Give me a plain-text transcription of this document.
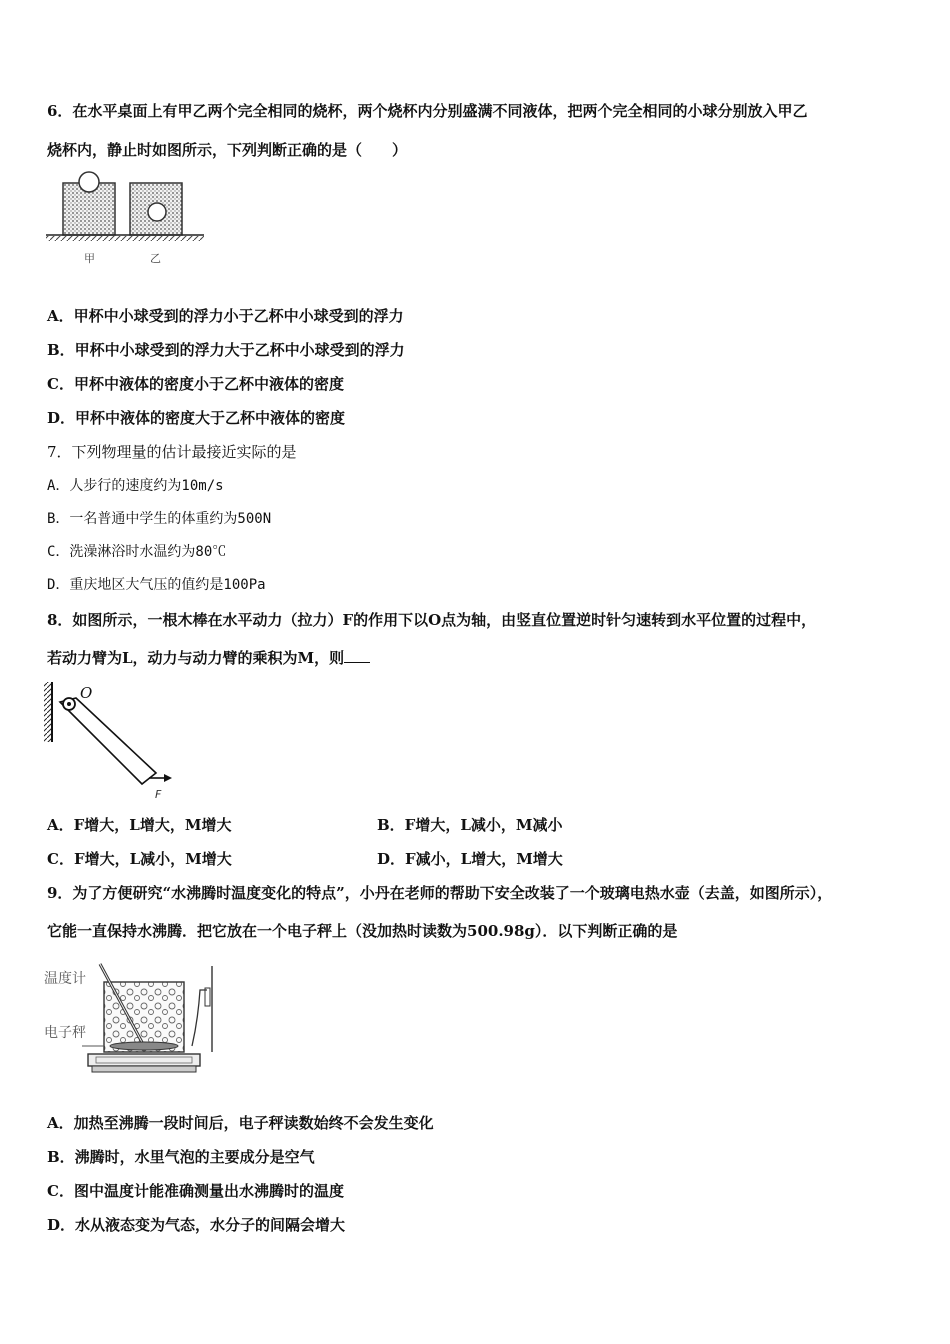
6．在水平桌面上有甲乙两个完全相同的烧杯，两个烧杯内分别盛满不同液体，把两个完全相同的小球分别放入甲乙
烧杯内，静止时如图所示，下列判断正确的是（　　）
甲	乙
A．甲杯中小球受到的浮力小于乙杯中小球受到的浮力
B．甲杯中小球受到的浮力大于乙杯中小球受到的浮力
C．甲杯中液体的密度小于乙杯中液体的密度
D．甲杯中液体的密度大于乙杯中液体的密度
7．下列物理量的估计最接近实际的是
A．人步行的速度约为10m/s
B．一名普通中学生的体重约为500N
C．洗澡淋浴时水温约为80℃
D．重庆地区大气压的值约是100Pa
8．如图所示，一根木棒在水平动力（拉力）F的作用下以O点为轴，由竖直位置逆时针匀速转到水平位置的过程中，
若动力臂为L，动力与动力臂的乘积为M，则
O
F
A．F增大，L增大，M增大	B．F增大，L减小，M减小
C．F增大，L减小，M增大	D．F减小，L增大，M增大
9．为了方便研究“水沸腾时温度变化的特点”，小丹在老师的帮助下安全改装了一个玻璃电热水壶（去盖，如图所示），
它能一直保持水沸腾．把它放在一个电子秤上（没加热时读数为500.98g）．以下判断正确的是
温度计
电子秤
A．加热至沸腾一段时间后，电子秤读数始终不会发生变化
B．沸腾时，水里气泡的主要成分是空气
C．图中温度计能准确测量出水沸腾时的温度
D．水从液态变为气态，水分子的间隔会增大
